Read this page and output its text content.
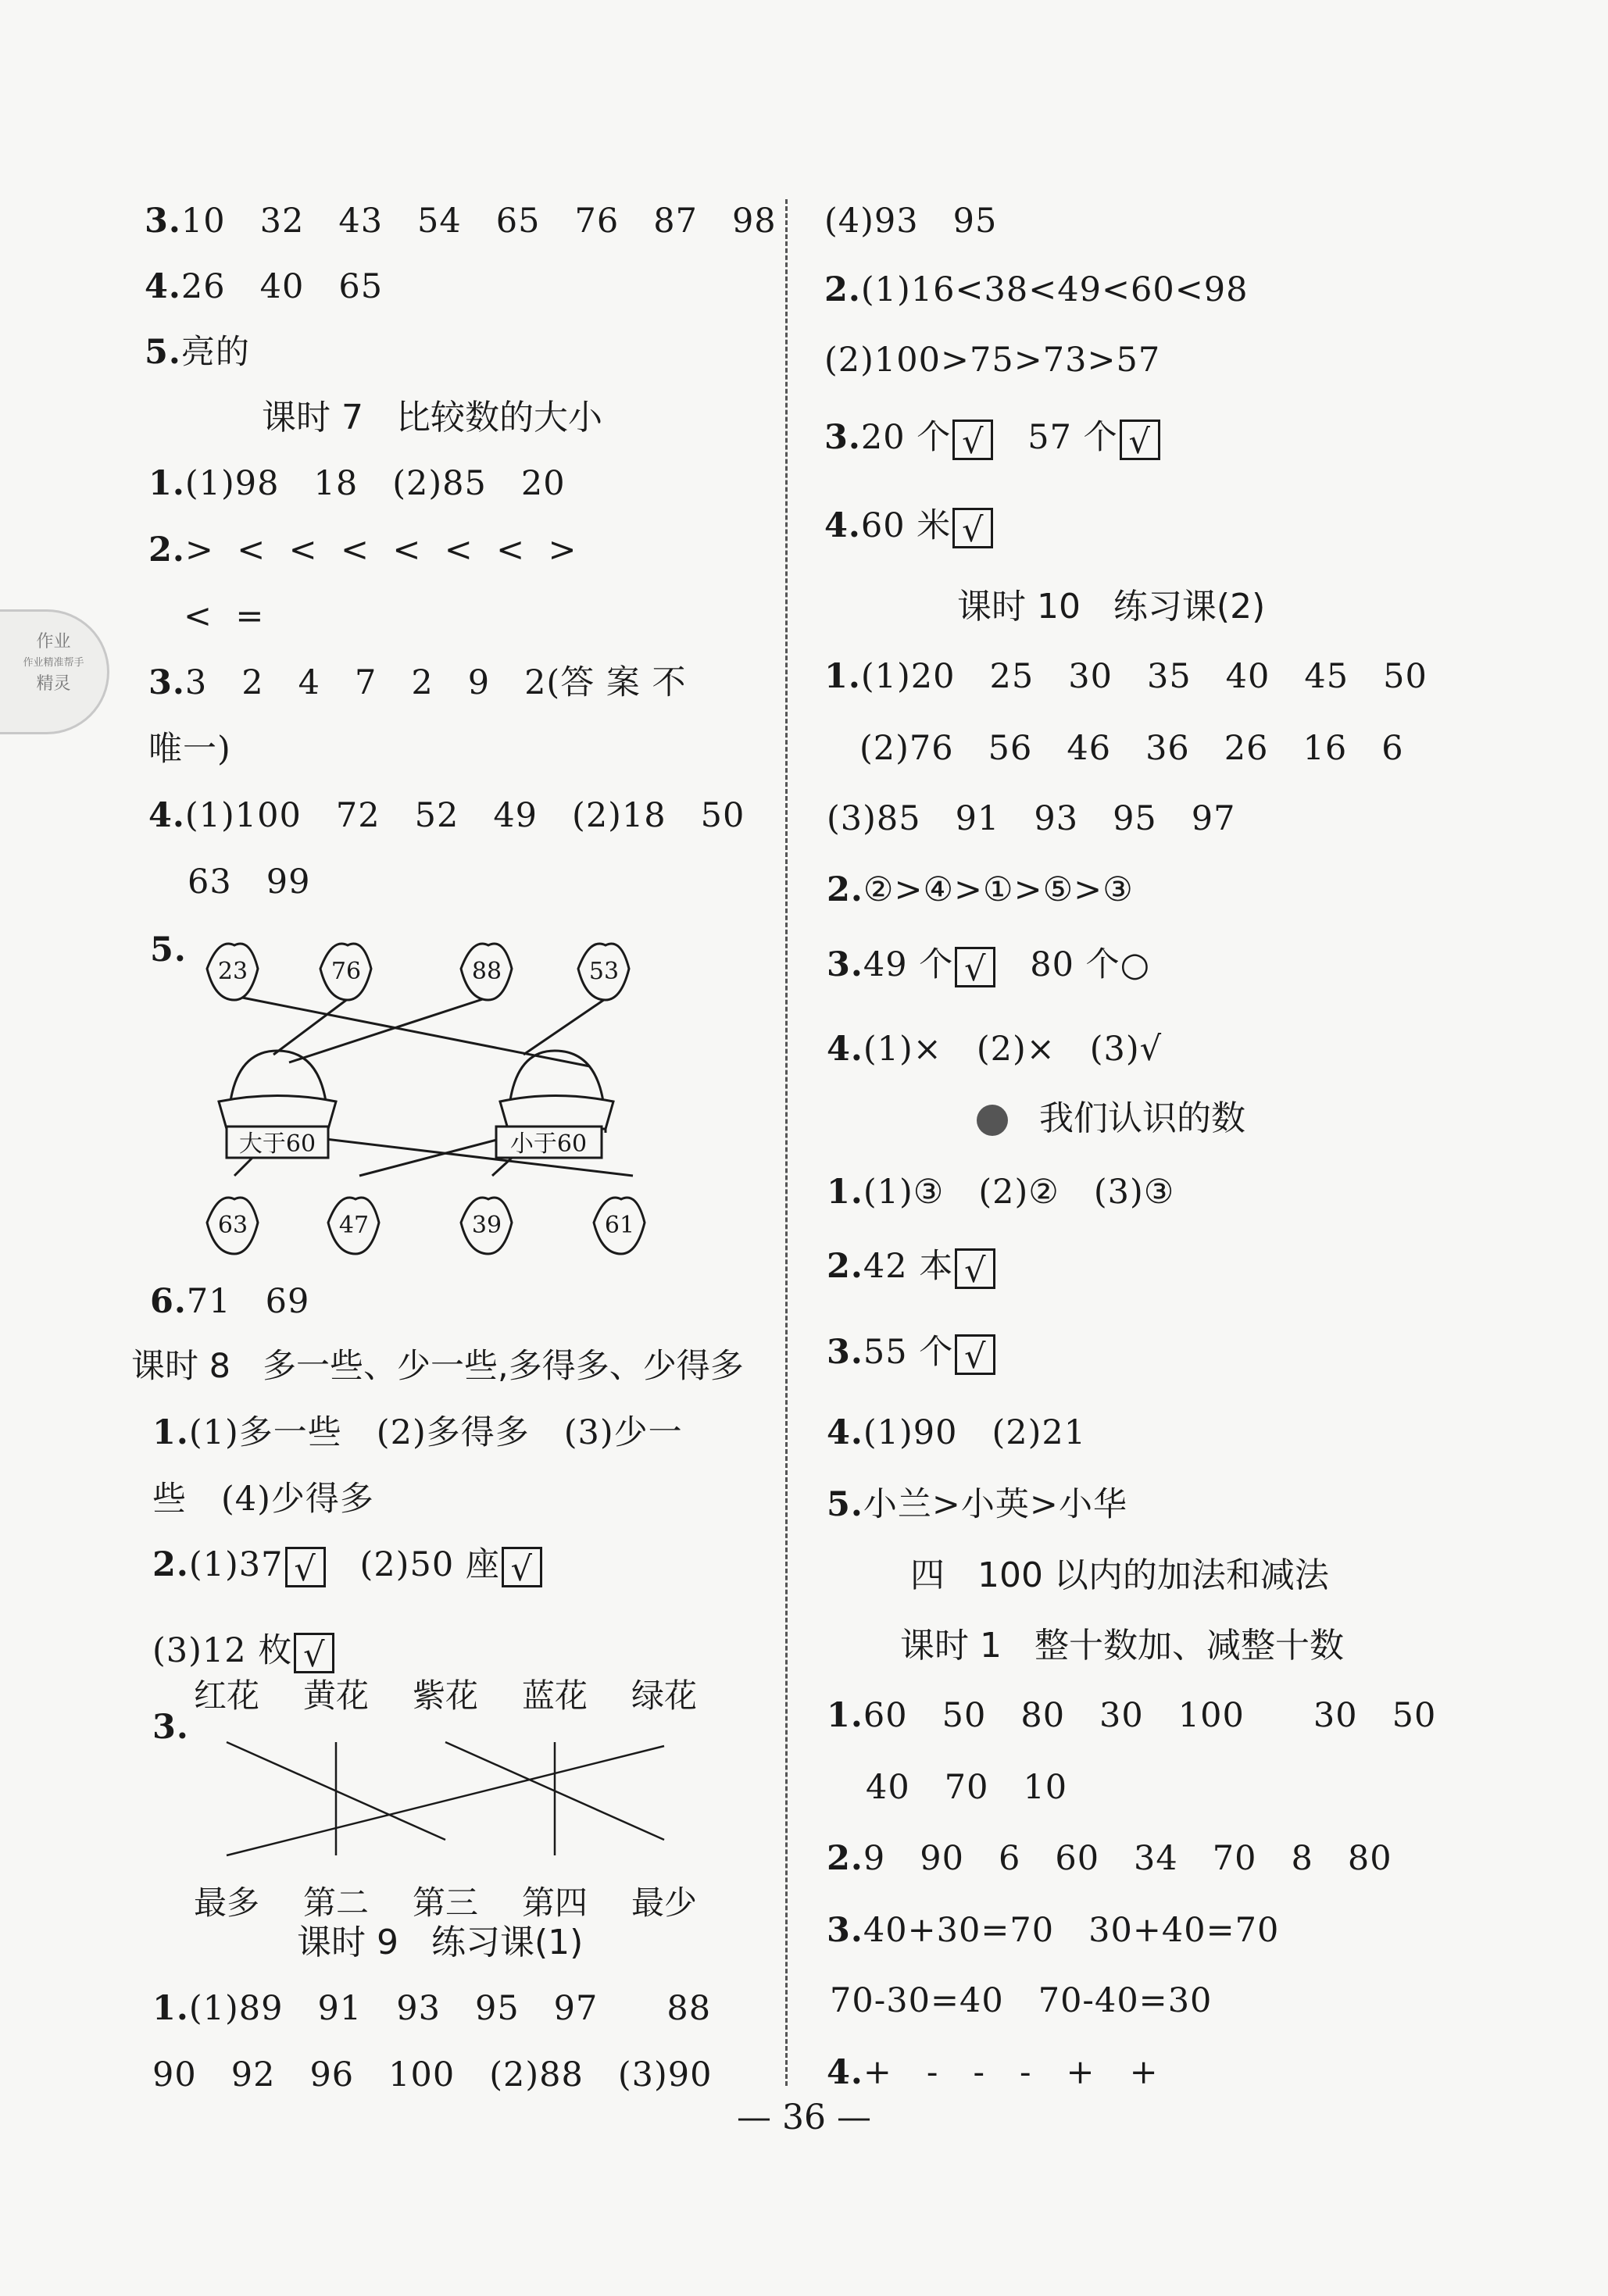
作业
作业精准帮手
精灵
3.10   32   43   54   65   76   87   98
4.26   40   65
5.亮的
课时 7   比较数的大小
1.(1)98   18   (2)85   20
2.>  <  <  <  <  <  <  >
<  =
3.3   2   4   7   2   9   2(答 案 不
唯一)
4.(1)100   72   52   49   (2)18   50
63   99
5.
23	76	88	53
大于60	小于60
63	47	39	61
6.71   69
课时 8   多一些、少一些,多得多、少得多
1.(1)多一些   (2)多得多   (3)少一
些   (4)少得多
2.(1)37 √ (2)50 座 √
(3)12 枚 √
3.
红花 黄花 紫花 蓝花 绿花
最多 第二 第三 第四 最少
课时 9   练习课(1)
1.(1)89   91   93   95   97      88
90   92   96   100   (2)88   (3)90
(4)93   95
2.(1)16<38<49<60<98
(2)100>75>73>57
3.20 个 √ 57 个 √
4.60 米 √
课时 10   练习课(2)
1.(1)20   25   30   35   40   45   50
(2)76   56   46   36   26   16   6
(3)85   91   93   95   97
2.②>④>①>⑤>③
3.49 个 √ 80 个○
4.(1)×   (2)×   (3)√
我们认识的数
1.(1)③   (2)②   (3)③
2.42 本 √
3.55 个 √
4.(1)90   (2)21
5.小兰>小英>小华
四   100 以内的加法和减法
课时 1   整十数加、减整十数
1.60   50   80   30   100      30   50
40   70   10
2.9   90   6   60   34   70   8   80
3.40+30=70   30+40=70
70-30=40   70-40=30
4.+   -   -   -   +   +
— 36 —
